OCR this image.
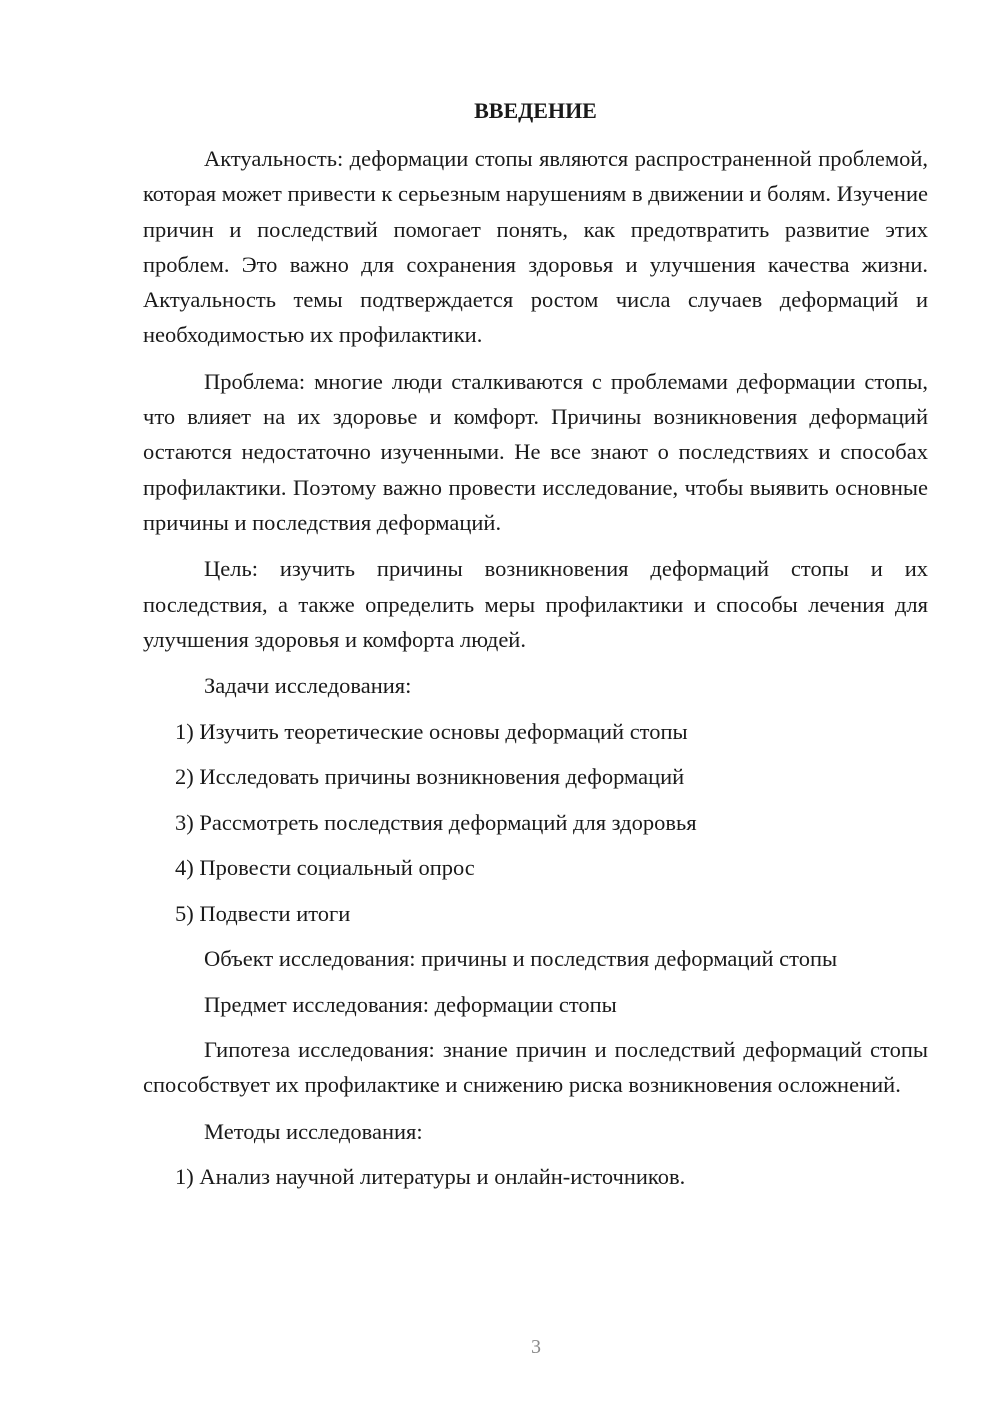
ВВЕДЕНИЕ

Актуальность: деформации стопы являются распространенной проблемой, которая может привести к серьезным нарушениям в движении и болям. Изучение причин и последствий помогает понять, как предотвратить развитие этих проблем. Это важно для сохранения здоровья и улучшения качества жизни. Актуальность темы подтверждается ростом числа случаев деформаций и необходимостью их профилактики.

Проблема: многие люди сталкиваются с проблемами деформации стопы, что влияет на их здоровье и комфорт. Причины возникновения деформаций остаются недостаточно изученными. Не все знают о последствиях и способах профилактики. Поэтому важно провести исследование, чтобы выявить основные причины и последствия деформаций.

Цель: изучить причины возникновения деформаций стопы и их последствия, а также определить меры профилактики и способы лечения для улучшения здоровья и комфорта людей.

Задачи исследования:

1) Изучить теоретические основы деформаций стопы

2) Исследовать причины возникновения деформаций

3) Рассмотреть последствия деформаций для здоровья

4) Провести социальный опрос

5) Подвести итоги

Объект исследования: причины и последствия деформаций стопы

Предмет исследования: деформации стопы

Гипотеза исследования: знание причин и последствий деформаций стопы способствует их профилактике и снижению риска возникновения осложнений.

Методы исследования:

1) Анализ научной литературы и онлайн-источников.

3
